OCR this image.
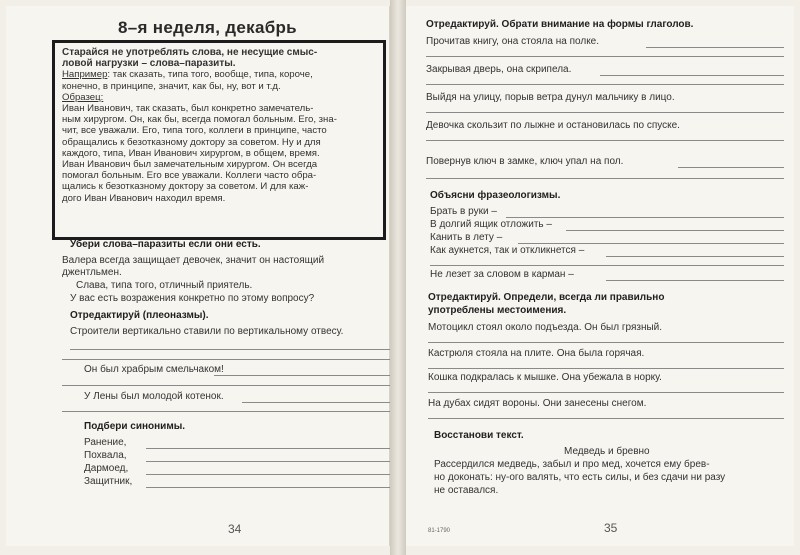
8–я неделя, декабрь

Старайся не употреблять слова, не несущие смыс-

ловой нагрузки – слова–паразиты.

Например: так сказать, типа того, вообще, типа, короче,

конечно, в принципе, значит, как бы, ну, вот и т.д.

Образец:

Иван Иванович, так сказать, был конкретно замечатель-

ным хирургом. Он, как бы, всегда помогал больным. Его, зна-

чит, все уважали. Его, типа того, коллеги в принципе, часто

обращались к безотказному доктору за советом. Ну и для

каждого, типа, Иван Иванович хирургом, в общем, время.

Иван Иванович был замечательным хирургом. Он всегда

помогал больным. Его все уважали. Коллеги часто обра-

щались к безотказному доктору за советом. И для каж-

дого Иван Иванович находил время.

Убери слова–паразиты если они есть.
Валера всегда защищает девочек, значит он настоящий
джентльмен.
Слава, типа того, отличный приятель.
У вас есть возражения конкретно по этому вопросу?
Отредактируй (плеоназмы).
Строители вертикально ставили по вертикальному отвесу.
Он был храбрым смельчаком!
У Лены был молодой котенок.
Подбери синонимы.
Ранение,
Похвала,
Дармоед,
Защитник,
34
Отредактируй. Обрати внимание на формы глаголов.
Прочитав книгу, она стояла на полке.
Закрывая дверь, она скрипела.
Выйдя на улицу, порыв ветра дунул мальчику в лицо.
Девочка скользит по лыжне и остановилась по спуске.
Повернув ключ в замке, ключ упал на пол.
Объясни фразеологизмы.
Брать в руки –
В долгий ящик отложить –
Канить в лету –
Как аукнется, так и откликнется –
Не лезет за словом в карман –
Отредактируй. Определи, всегда ли правильно
употреблены местоимения.
Мотоцикл стоял около подъезда. Он был грязный.
Кастрюля стояла на плите. Она была горячая.
Кошка подкралась к мышке. Она убежала в норку.
На дубах сидят вороны. Они занесены снегом.
Восстанови текст.
Медведь и бревно
Рассердился медведь, забыл и про мед, хочется ему брев-
но доконать: ну-ого валять, что есть силы, и без сдачи ни разу
не оставался.
81-1790	35
